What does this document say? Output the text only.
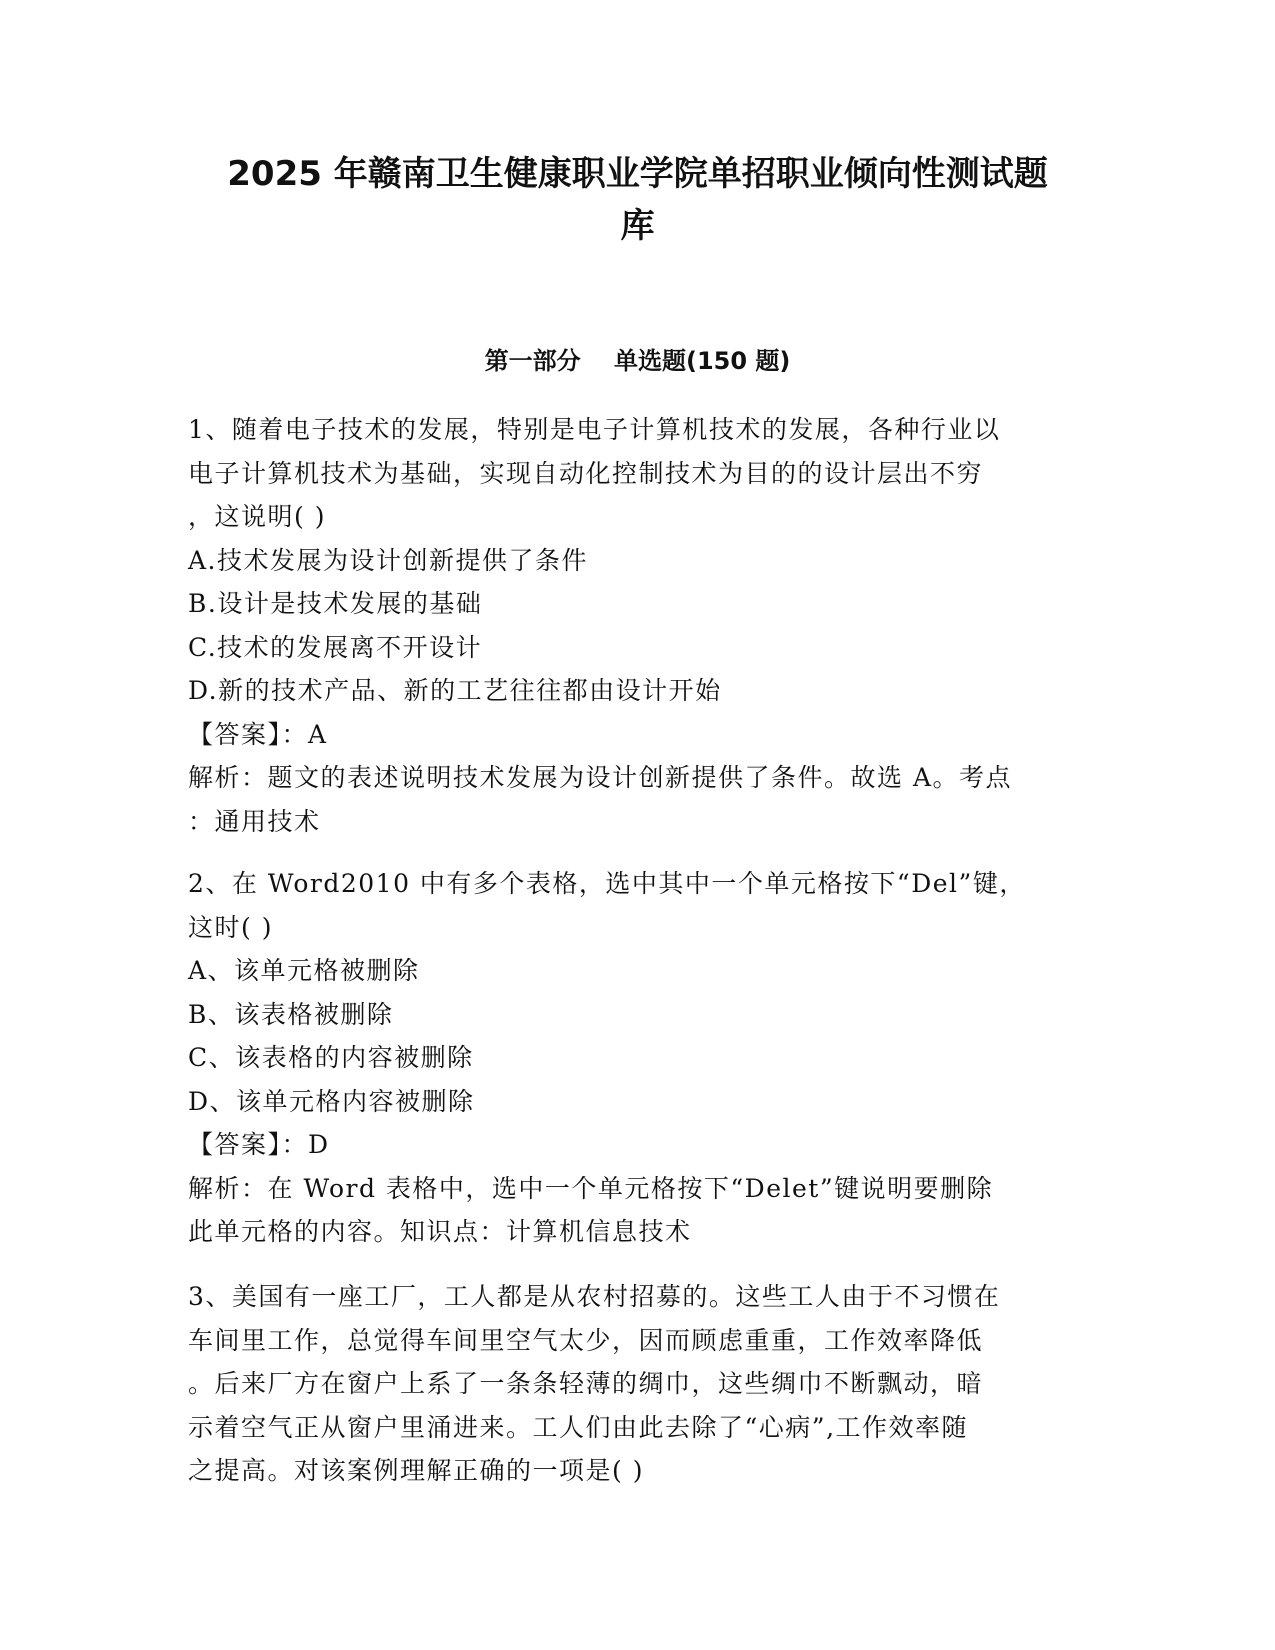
2025 年赣南卫生健康职业学院单招职业倾向性测试题
库
第一部分    单选题(150 题)

1、随着电子技术的发展，特别是电子计算机技术的发展，各种行业以

电子计算机技术为基础，实现自动化控制技术为目的的设计层出不穷

，这说明( )

A.技术发展为设计创新提供了条件

B.设计是技术发展的基础

C.技术的发展离不开设计

D.新的技术产品、新的工艺往往都由设计开始

【答案】：A

解析：题文的表述说明技术发展为设计创新提供了条件。故选 A。考点

：通用技术

2、在 Word2010 中有多个表格，选中其中一个单元格按下“Del”键，

这时( )

A、该单元格被删除

B、该表格被删除

C、该表格的内容被删除

D、该单元格内容被删除

【答案】：D

解析：在 Word 表格中，选中一个单元格按下“Delet”键说明要删除

此单元格的内容。知识点：计算机信息技术

3、美国有一座工厂，工人都是从农村招募的。这些工人由于不习惯在

车间里工作，总觉得车间里空气太少，因而顾虑重重，工作效率降低

。后来厂方在窗户上系了一条条轻薄的绸巾，这些绸巾不断飘动，暗

示着空气正从窗户里涌进来。工人们由此去除了“心病”,工作效率随

之提高。对该案例理解正确的一项是( )
